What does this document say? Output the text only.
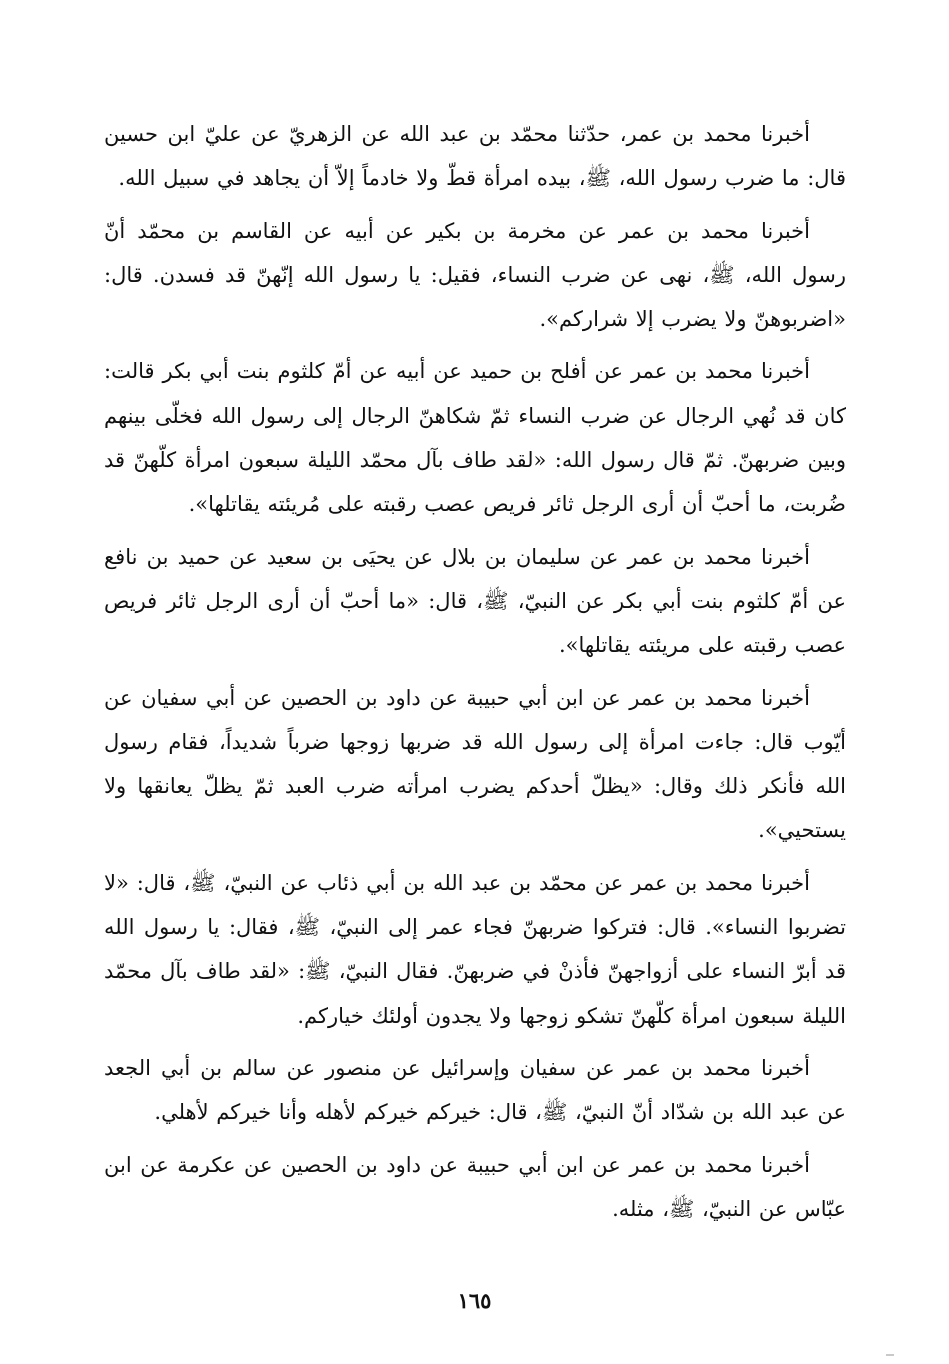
أخبرنا محمد بن عمر، حدّثنا محمّد بن عبد الله عن الزهريّ عن عليّ ابن حسين قال: ما ضرب رسول الله، ﷺ، بيده امرأة قطّ ولا خادماً إلاّ أن يجاهد في سبيل الله.

أخبرنا محمد بن عمر عن مخرمة بن بكير عن أبيه عن القاسم بن محمّد أنّ رسول الله، ﷺ، نهى عن ضرب النساء، فقيل: يا رسول الله إنّهنّ قد فسدن. قال: «اضربوهنّ ولا يضرب إلا شراركم».

أخبرنا محمد بن عمر عن أفلح بن حميد عن أبيه عن أمّ كلثوم بنت أبي بكر قالت: كان قد نُهي الرجال عن ضرب النساء ثمّ شكاهنّ الرجال إلى رسول الله فخلّى بينهم وبين ضربهنّ. ثمّ قال رسول الله: «لقد طاف بآل محمّد الليلة سبعون امرأة كلّهنّ قد ضُربت، ما أحبّ أن أرى الرجل ثائر فريص عصب رقبته على مُريئته يقاتلها».

أخبرنا محمد بن عمر عن سليمان بن بلال عن يحيَى بن سعيد عن حميد بن نافع عن أمّ كلثوم بنت أبي بكر عن النبيّ، ﷺ، قال: «ما أحبّ أن أرى الرجل ثائر فريص عصب رقبته على مريئته يقاتلها».

أخبرنا محمد بن عمر عن ابن أبي حبيبة عن داود بن الحصين عن أبي سفيان عن أيّوب قال: جاءت امرأة إلى رسول الله قد ضربها زوجها ضرباً شديداً، فقام رسول الله فأنكر ذلك وقال: «يظلّ أحدكم يضرب امرأته ضرب العبد ثمّ يظلّ يعانقها ولا يستحيي».

أخبرنا محمد بن عمر عن محمّد بن عبد الله بن أبي ذئاب عن النبيّ، ﷺ، قال: «لا تضربوا النساء». قال: فتركوا ضربهنّ فجاء عمر إلى النبيّ، ﷺ، فقال: يا رسول الله قد أبرّ النساء على أزواجهنّ فأذنْ في ضربهنّ. فقال النبيّ، ﷺ: «لقد طاف بآل محمّد الليلة سبعون امرأة كلّهنّ تشكو زوجها ولا يجدون أولئك خياركم.

أخبرنا محمد بن عمر عن سفيان وإسرائيل عن منصور عن سالم بن أبي الجعد عن عبد الله بن شدّاد أنّ النبيّ، ﷺ، قال: خيركم خيركم لأهله وأنا خيركم لأهلي.

أخبرنا محمد بن عمر عن ابن أبي حبيبة عن داود بن الحصين عن عكرمة عن ابن عبّاس عن النبيّ، ﷺ، مثله.

١٦٥
